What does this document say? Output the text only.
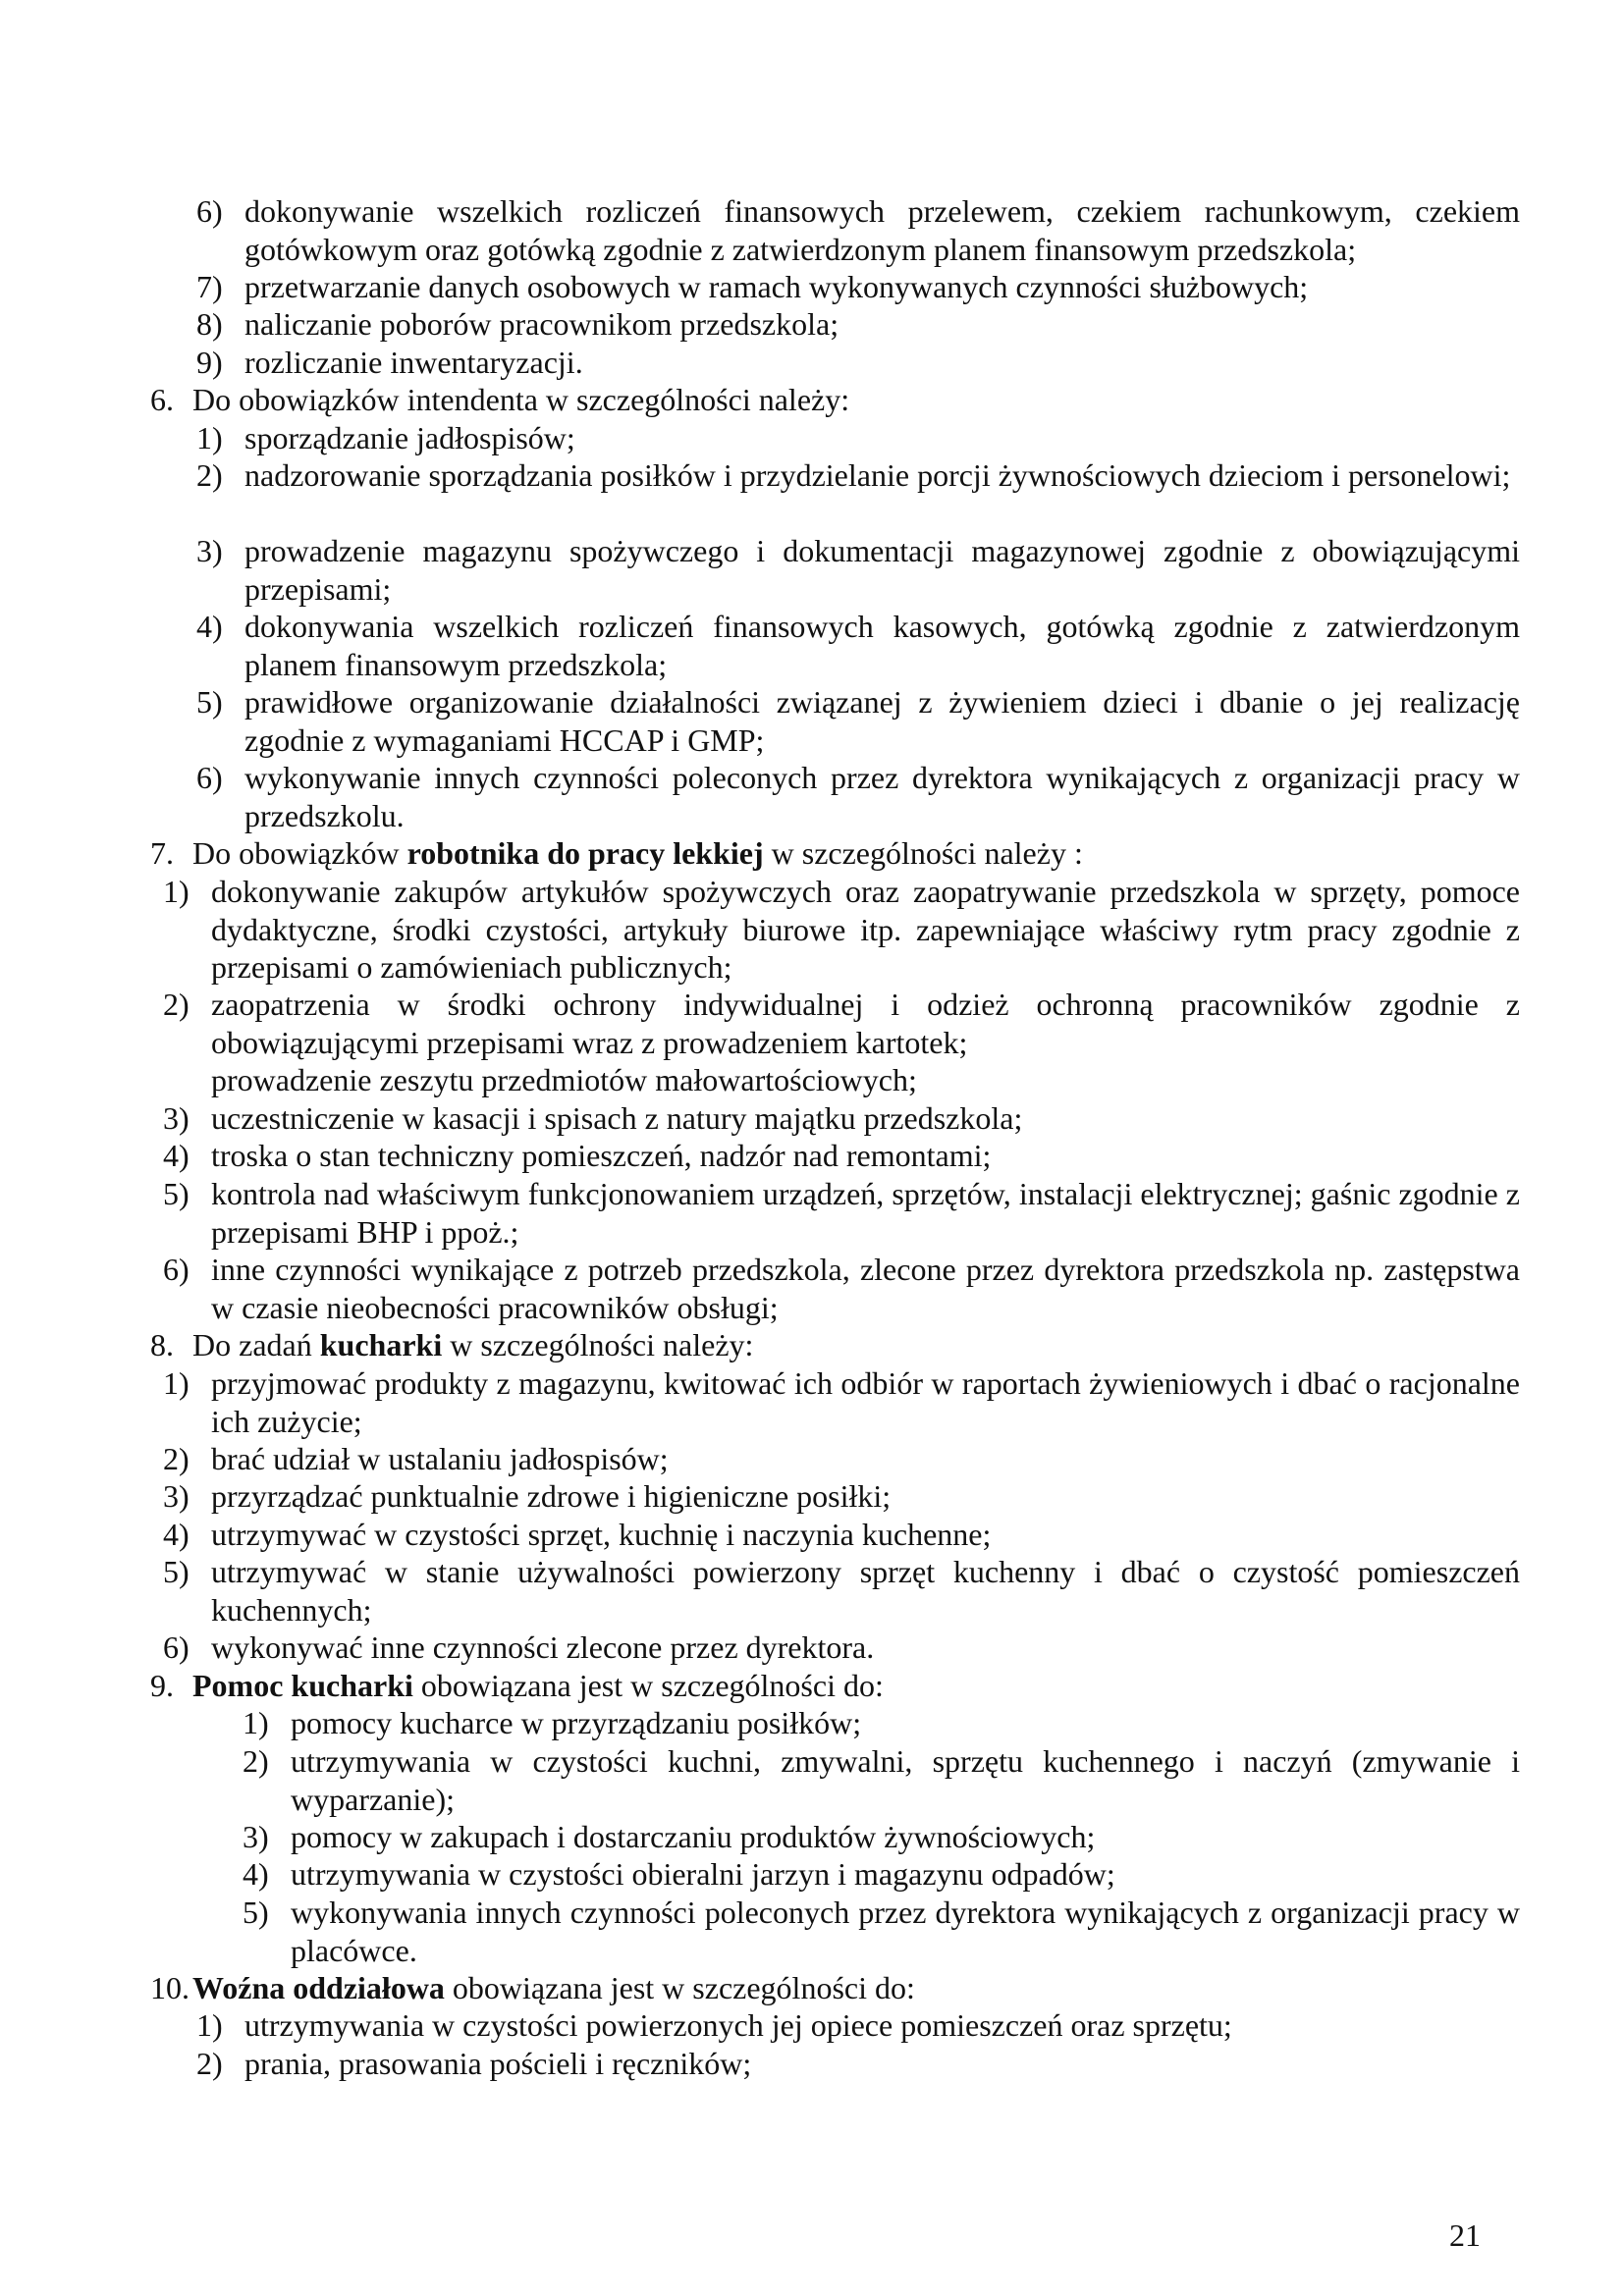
6) dokonywanie wszelkich rozliczeń finansowych przelewem, czekiem rachunkowym, czekiem gotówkowym oraz gotówką zgodnie z zatwierdzonym planem finansowym przedszkola;
7) przetwarzanie danych osobowych w ramach wykonywanych czynności służbowych;
8) naliczanie poborów pracownikom przedszkola;
9) rozliczanie inwentaryzacji.
6. Do obowiązków intendenta w szczególności należy:
1) sporządzanie jadłospisów;
2) nadzorowanie sporządzania posiłków i przydzielanie porcji żywnościowych dzieciom i personelowi;
3) prowadzenie magazynu spożywczego i dokumentacji magazynowej zgodnie z obowiązującymi przepisami;
4) dokonywania wszelkich rozliczeń finansowych kasowych, gotówką zgodnie z zatwierdzonym planem finansowym przedszkola;
5) prawidłowe organizowanie działalności związanej z żywieniem dzieci i dbanie o jej realizację zgodnie z wymaganiami HCCAP i GMP;
6) wykonywanie innych czynności poleconych przez dyrektora wynikających z organizacji pracy w przedszkolu.
7. Do obowiązków robotnika do pracy lekkiej w szczególności należy :
1) dokonywanie zakupów artykułów spożywczych oraz zaopatrywanie przedszkola w sprzęty, pomoce dydaktyczne, środki czystości, artykuły biurowe itp. zapewniające właściwy rytm pracy zgodnie z przepisami o zamówieniach publicznych;
2) zaopatrzenia w środki ochrony indywidualnej i odzież ochronną pracowników zgodnie z obowiązującymi przepisami wraz z prowadzeniem kartotek;
prowadzenie zeszytu przedmiotów małowartościowych;
3) uczestniczenie w kasacji i spisach z natury majątku przedszkola;
4) troska o stan techniczny pomieszczeń, nadzór nad remontami;
5) kontrola nad właściwym funkcjonowaniem urządzeń, sprzętów, instalacji elektrycznej; gaśnic zgodnie z przepisami BHP i ppoż.;
6) inne czynności wynikające z potrzeb przedszkola, zlecone przez dyrektora przedszkola np. zastępstwa w czasie nieobecności pracowników obsługi;
8. Do zadań kucharki w szczególności należy:
1) przyjmować produkty z magazynu, kwitować ich odbiór w raportach żywieniowych i dbać o racjonalne ich zużycie;
2) brać udział w ustalaniu jadłospisów;
3) przyrządzać punktualnie zdrowe i higieniczne posiłki;
4) utrzymywać w czystości sprzęt, kuchnię i naczynia kuchenne;
5) utrzymywać w stanie używalności powierzony sprzęt kuchenny i dbać o czystość pomieszczeń kuchennych;
6) wykonywać inne czynności zlecone przez dyrektora.
9. Pomoc kucharki obowiązana jest w szczególności do:
1) pomocy kucharce w przyrządzaniu posiłków;
2) utrzymywania w czystości kuchni, zmywalni, sprzętu kuchennego i naczyń (zmywanie i wyparzanie);
3) pomocy w zakupach i dostarczaniu produktów żywnościowych;
4) utrzymywania w czystości obieralni jarzyn i magazynu odpadów;
5) wykonywania innych czynności poleconych przez dyrektora wynikających z organizacji pracy w placówce.
10. Woźna oddziałowa obowiązana jest w szczególności do:
1) utrzymywania w czystości powierzonych jej opiece pomieszczeń oraz sprzętu;
2) prania, prasowania pościeli i ręczników;
21
